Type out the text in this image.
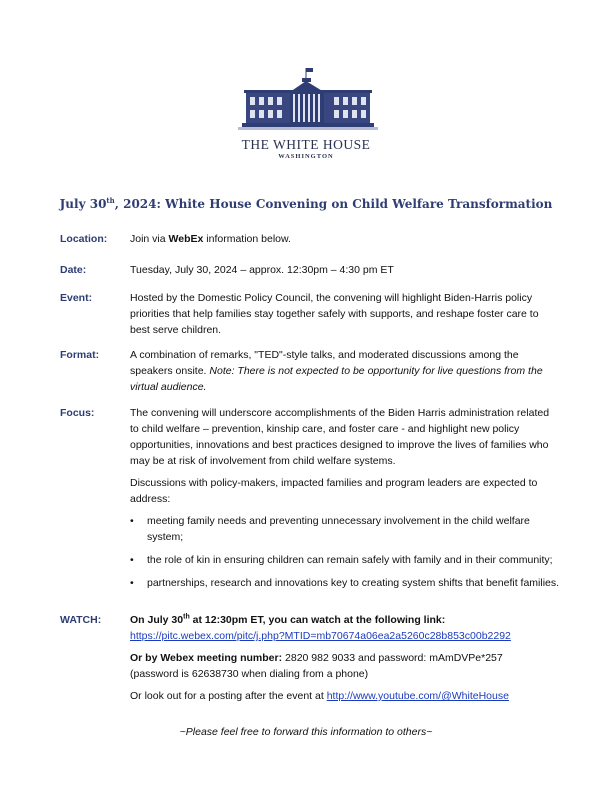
THE WHITE HOUSE
WASHINGTON
July 30th, 2024: White House Convening on Child Welfare Transformation
Location:	Join via WebEx information below.
Date:	Tuesday, July 30, 2024 – approx. 12:30pm – 4:30 pm ET
Event:	Hosted by the Domestic Policy Council, the convening will highlight Biden-Harris policy priorities that help families stay together safely with supports, and reshape foster care to best serve children.
Format:	A combination of remarks, "TED"-style talks, and moderated discussions among the speakers onsite. Note: There is not expected to be opportunity for live questions from the virtual audience.
Focus:	The convening will underscore accomplishments of the Biden Harris administration related to child welfare – prevention, kinship care, and foster care - and highlight new policy opportunities, innovations and best practices designed to improve the lives of families who may be at risk of involvement from child welfare systems.

Discussions with policy-makers, impacted families and program leaders are expected to address:

• meeting family needs and preventing unnecessary involvement in the child welfare system;
• the role of kin in ensuring children can remain safely with family and in their community;
• partnerships, research and innovations key to creating system shifts that benefit families.
WATCH:	On July 30th at 12:30pm ET, you can watch at the following link:
https://pitc.webex.com/pitc/j.php?MTID=mb70674a06ea2a5260c28b853c00b2292
Or by Webex meeting number: 2820 982 9033 and password: mAmDVPe*257
(password is 62638730 when dialing from a phone)
Or look out for a posting after the event at http://www.youtube.com/@WhiteHouse
~Please feel free to forward this information to others~
